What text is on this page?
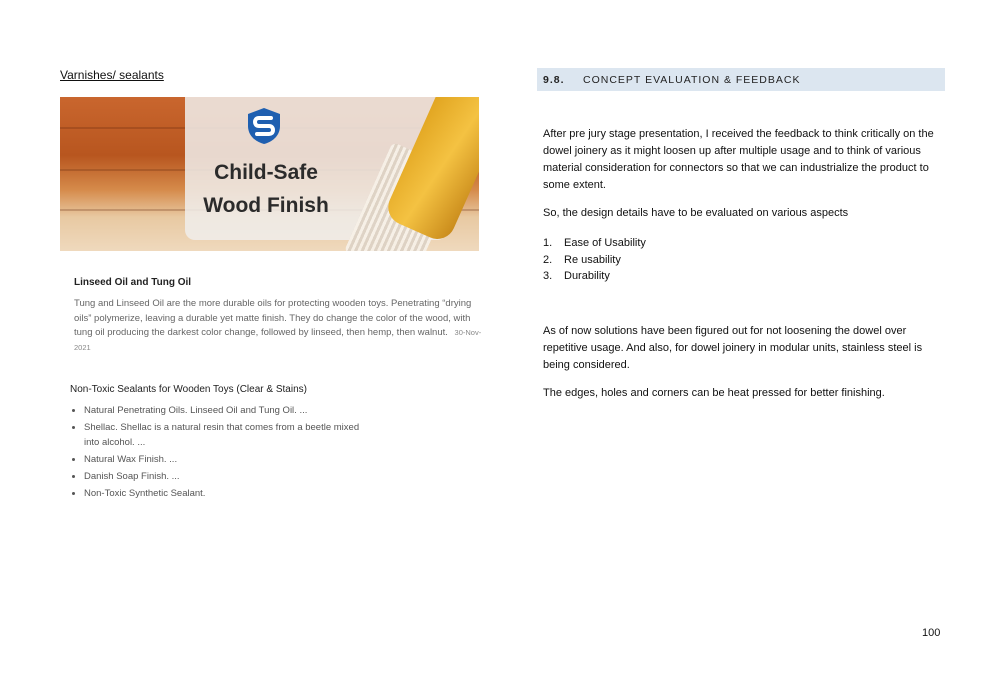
Varnishes/ sealants
Child-Safe
Wood Finish
Linseed Oil and Tung Oil
Tung and Linseed Oil are the more durable oils for protecting wooden toys. Penetrating “drying oils” polymerize, leaving a durable yet matte finish. They do change the color of the wood, with tung oil producing the darkest color change, followed by linseed, then hemp, then walnut. 30-Nov-2021
Non-Toxic Sealants for Wooden Toys (Clear & Stains)
• Natural Penetrating Oils. Linseed Oil and Tung Oil. ...
• Shellac. Shellac is a natural resin that comes from a beetle mixed into alcohol. ...
• Natural Wax Finish. ...
• Danish Soap Finish. ...
• Non-Toxic Synthetic Sealant.
9.8.	CONCEPT EVALUATION & FEEDBACK

After pre jury stage presentation, I received the feedback to think critically on the dowel joinery as it might loosen up after multiple usage and to think of various material consideration for connectors so that we can industrialize the product to some extent.

So, the design details have to be evaluated on various aspects

1.	Ease of Usability
2.	Re usability
3.	Durability

As of now solutions have been figured out for not loosening the dowel over repetitive usage. And also, for dowel joinery in modular units, stainless steel is being considered.

The edges, holes and corners can be heat pressed for better finishing.

100
